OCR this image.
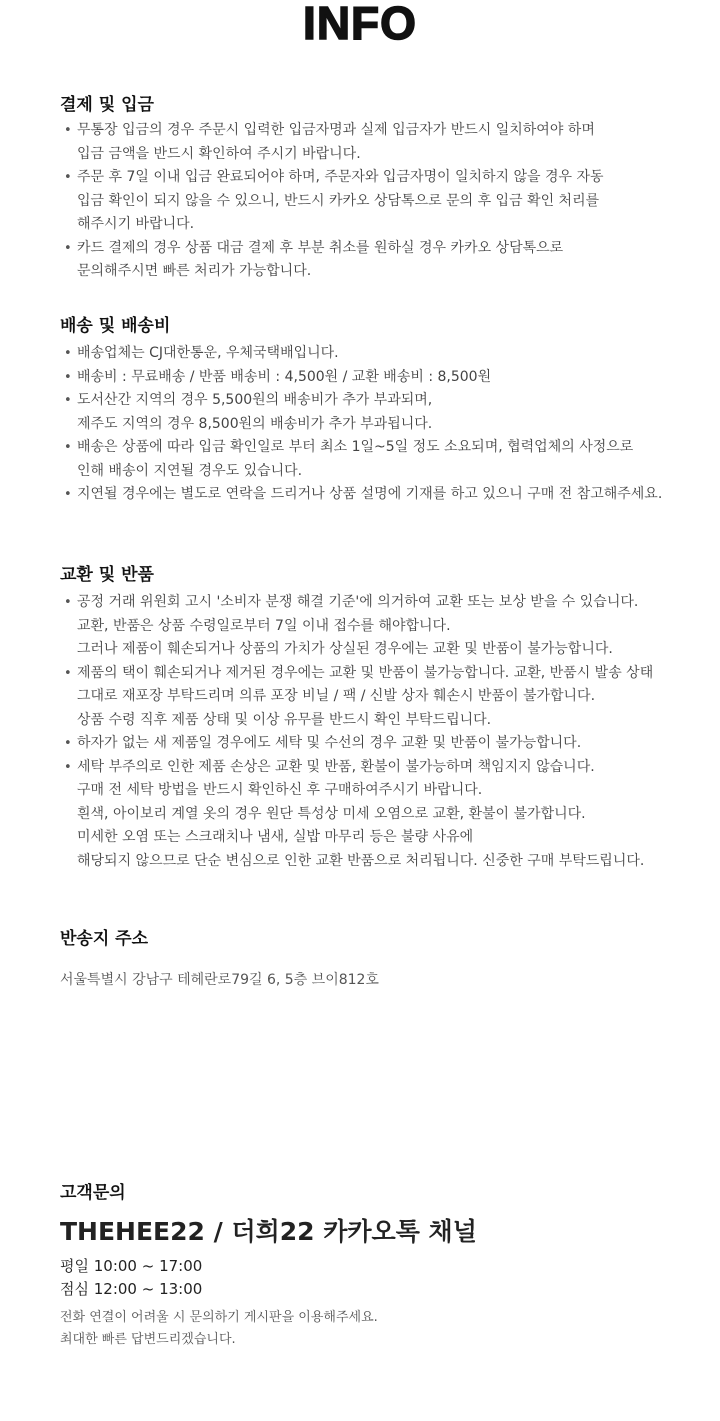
INFO
결제 및 입금
• 무통장 입금의 경우 주문시 입력한 입금자명과 실제 입금자가 반드시 일치하여야 하며
입금 금액을 반드시 확인하여 주시기 바랍니다.
• 주문 후 7일 이내 입금 완료되어야 하며, 주문자와 입금자명이 일치하지 않을 경우 자동
입금 확인이 되지 않을 수 있으니, 반드시 카카오 상담톡으로 문의 후 입금 확인 처리를
해주시기 바랍니다.
• 카드 결제의 경우 상품 대금 결제 후 부분 취소를 원하실 경우 카카오 상담톡으로
문의해주시면 빠른 처리가 가능합니다.
배송 및 배송비
• 배송업체는 CJ대한통운, 우체국택배입니다.
• 배송비 : 무료배송 / 반품 배송비 : 4,500원 / 교환 배송비 : 8,500원
• 도서산간 지역의 경우 5,500원의 배송비가 추가 부과되며,
제주도 지역의 경우 8,500원의 배송비가 추가 부과됩니다.
• 배송은 상품에 따라 입금 확인일로 부터 최소 1일~5일 정도 소요되며, 협력업체의 사정으로
인해 배송이 지연될 경우도 있습니다.
• 지연될 경우에는 별도로 연락을 드리거나 상품 설명에 기재를 하고 있으니 구매 전 참고해주세요.
교환 및 반품
• 공정 거래 위원회 고시 '소비자 분쟁 해결 기준'에 의거하여 교환 또는 보상 받을 수 있습니다.
교환, 반품은 상품 수령일로부터 7일 이내 접수를 해야합니다.
그러나 제품이 훼손되거나 상품의 가치가 상실된 경우에는 교환 및 반품이 불가능합니다.
• 제품의 택이 훼손되거나 제거된 경우에는 교환 및 반품이 불가능합니다. 교환, 반품시 발송 상태
그대로 재포장 부탁드리며 의류 포장 비닐 / 팩 / 신발 상자 훼손시 반품이 불가합니다.
상품 수령 직후 제품 상태 및 이상 유무를 반드시 확인 부탁드립니다.
• 하자가 없는 새 제품일 경우에도 세탁 및 수선의 경우 교환 및 반품이 불가능합니다.
• 세탁 부주의로 인한 제품 손상은 교환 및 반품, 환불이 불가능하며 책임지지 않습니다.
구매 전 세탁 방법을 반드시 확인하신 후 구매하여주시기 바랍니다.
흰색, 아이보리 계열 옷의 경우 원단 특성상 미세 오염으로 교환, 환불이 불가합니다.
미세한 오염 또는 스크래치나 냄새, 실밥 마무리 등은 불량 사유에
해당되지 않으므로 단순 변심으로 인한 교환 반품으로 처리됩니다. 신중한 구매 부탁드립니다.
반송지 주소
서울특별시 강남구 테헤란로79길 6, 5층 브이812호
고객문의
THEHEE22 / 더희22 카카오톡 채널
평일 10:00 ~ 17:00
점심 12:00 ~ 13:00
전화 연결이 어려울 시 문의하기 게시판을 이용해주세요.
최대한 빠른 답변드리겠습니다.
